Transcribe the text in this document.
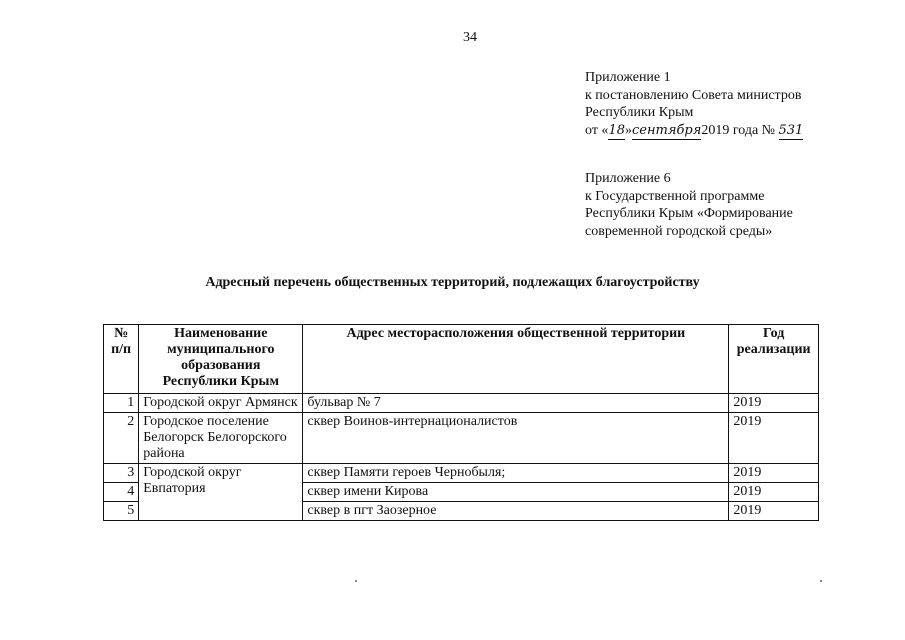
34
Приложение 1
к постановлению Совета министров
Республики Крым
от «18»сентября2019 года № 531
Приложение 6
к Государственной программе
Республики Крым «Формирование
современной городской среды»
Адресный перечень общественных территорий, подлежащих благоустройству
№ п/п	Наименование муниципального образования Республики Крым	Адрес месторасположения общественной территории	Год реализации
1	Городской округ Армянск	бульвар № 7	2019
2	Городское поселение Белогорск Белогорского района	сквер Воинов-интернационалистов	2019
3	Городской округ Евпатория	сквер Памяти героев Чернобыля;	2019
4		сквер имени Кирова	2019
5		сквер в пгт Заозерное	2019
